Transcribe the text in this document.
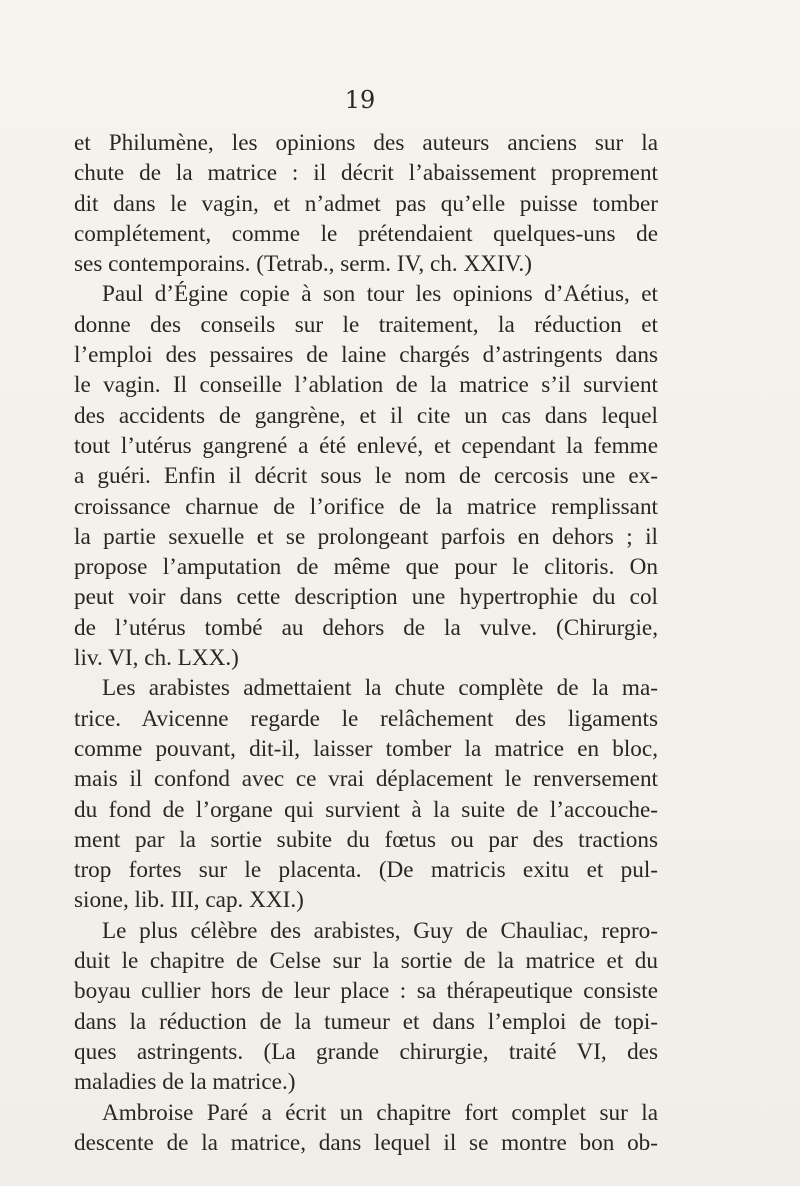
19
et Philumène, les opinions des auteurs anciens sur la
chute de la matrice : il décrit l’abaissement proprement
dit dans le vagin, et n’admet pas qu’elle puisse tomber
complétement, comme le prétendaient quelques-uns de
ses contemporains. (Tetrab., serm. IV, ch. XXIV.)
Paul d’Égine copie à son tour les opinions d’Aétius, et
donne des conseils sur le traitement, la réduction et
l’emploi des pessaires de laine chargés d’astringents dans
le vagin. Il conseille l’ablation de la matrice s’il survient
des accidents de gangrène, et il cite un cas dans lequel
tout l’utérus gangrené a été enlevé, et cependant la femme
a guéri. Enfin il décrit sous le nom de cercosis une ex-
croissance charnue de l’orifice de la matrice remplissant
la partie sexuelle et se prolongeant parfois en dehors ; il
propose l’amputation de même que pour le clitoris. On
peut voir dans cette description une hypertrophie du col
de l’utérus tombé au dehors de la vulve. (Chirurgie,
liv. VI, ch. LXX.)
Les arabistes admettaient la chute complète de la ma-
trice. Avicenne regarde le relâchement des ligaments
comme pouvant, dit-il, laisser tomber la matrice en bloc,
mais il confond avec ce vrai déplacement le renversement
du fond de l’organe qui survient à la suite de l’accouche-
ment par la sortie subite du fœtus ou par des tractions
trop fortes sur le placenta. (De matricis exitu et pul-
sione, lib. III, cap. XXI.)
Le plus célèbre des arabistes, Guy de Chauliac, repro-
duit le chapitre de Celse sur la sortie de la matrice et du
boyau cullier hors de leur place : sa thérapeutique consiste
dans la réduction de la tumeur et dans l’emploi de topi-
ques astringents. (La grande chirurgie, traité VI, des
maladies de la matrice.)
Ambroise Paré a écrit un chapitre fort complet sur la
descente de la matrice, dans lequel il se montre bon ob-
